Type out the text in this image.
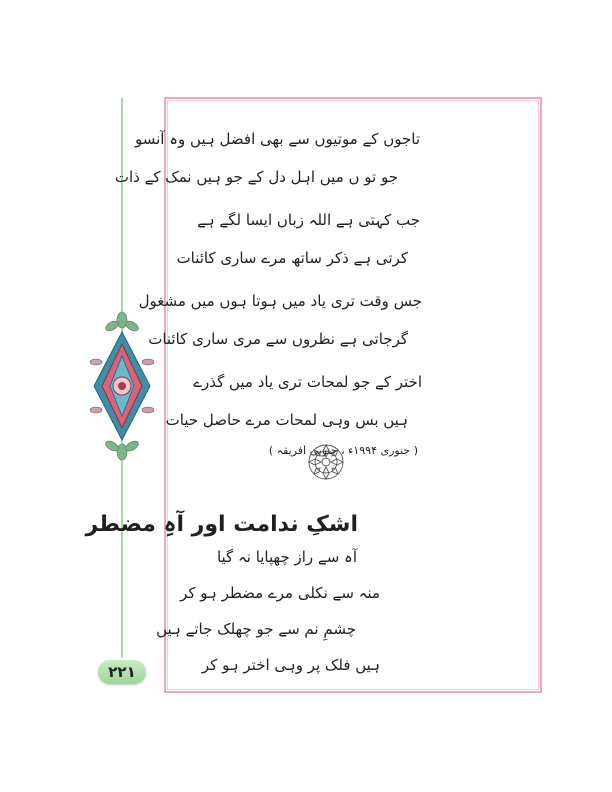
۲۲۱
تاجوں کے موتیوں سے بھی افضل ہیں وہ آنسو
جو تو ں میں اہل دل کے جو ہیں نمک کے ذات
جب کہتی ہے اللہ زباں ایسا لگے ہے
کرتی ہے ذکر ساتھ مرے ساری کائنات
جس وقت تری یاد میں ہوتا ہوں میں مشغول
گرجاتی ہے نظروں سے مری ساری کائنات
اختر کے جو لمحات تری یاد میں گذرے
ہیں بس وہی لمحات مرے حاصل حیات
( جنوری ۱۹۹۴ء ، جنوبی افریقہ )
اشکِ ندامت اور آہِ مضطر
آہ سے راز چھپایا نہ گیا
منہ سے نکلی مرے مضطر ہو کر
چشمِ نم سے جو چھلک جاتے ہیں
ہیں فلک پر وہی اختر ہو کر
